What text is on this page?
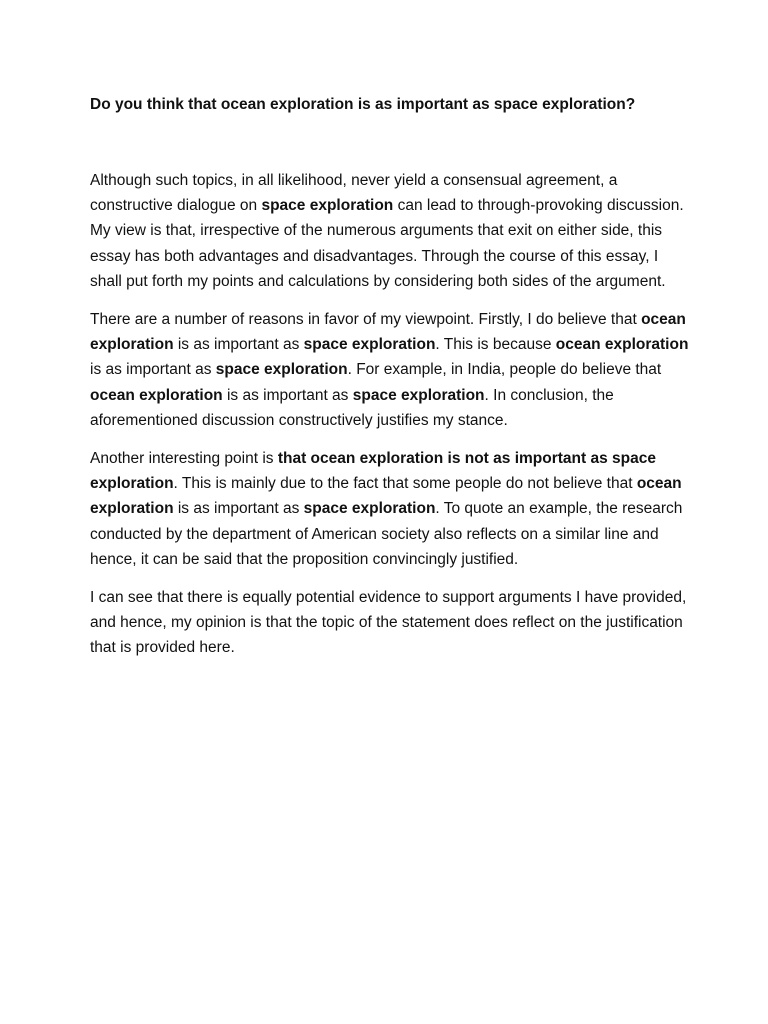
Do you think that ocean exploration is as important as space exploration?

Although such topics, in all likelihood, never yield a consensual agreement, a constructive dialogue on space exploration can lead to through-provoking discussion. My view is that, irrespective of the numerous arguments that exit on either side, this essay has both advantages and disadvantages. Through the course of this essay, I shall put forth my points and calculations by considering both sides of the argument.

There are a number of reasons in favor of my viewpoint. Firstly, I do believe that ocean exploration is as important as space exploration. This is because ocean exploration is as important as space exploration. For example, in India, people do believe that ocean exploration is as important as space exploration. In conclusion, the aforementioned discussion constructively justifies my stance.

Another interesting point is that ocean exploration is not as important as space exploration. This is mainly due to the fact that some people do not believe that ocean exploration is as important as space exploration. To quote an example, the research conducted by the department of American society also reflects on a similar line and hence, it can be said that the proposition convincingly justified.

I can see that there is equally potential evidence to support arguments I have provided, and hence, my opinion is that the topic of the statement does reflect on the justification that is provided here.
